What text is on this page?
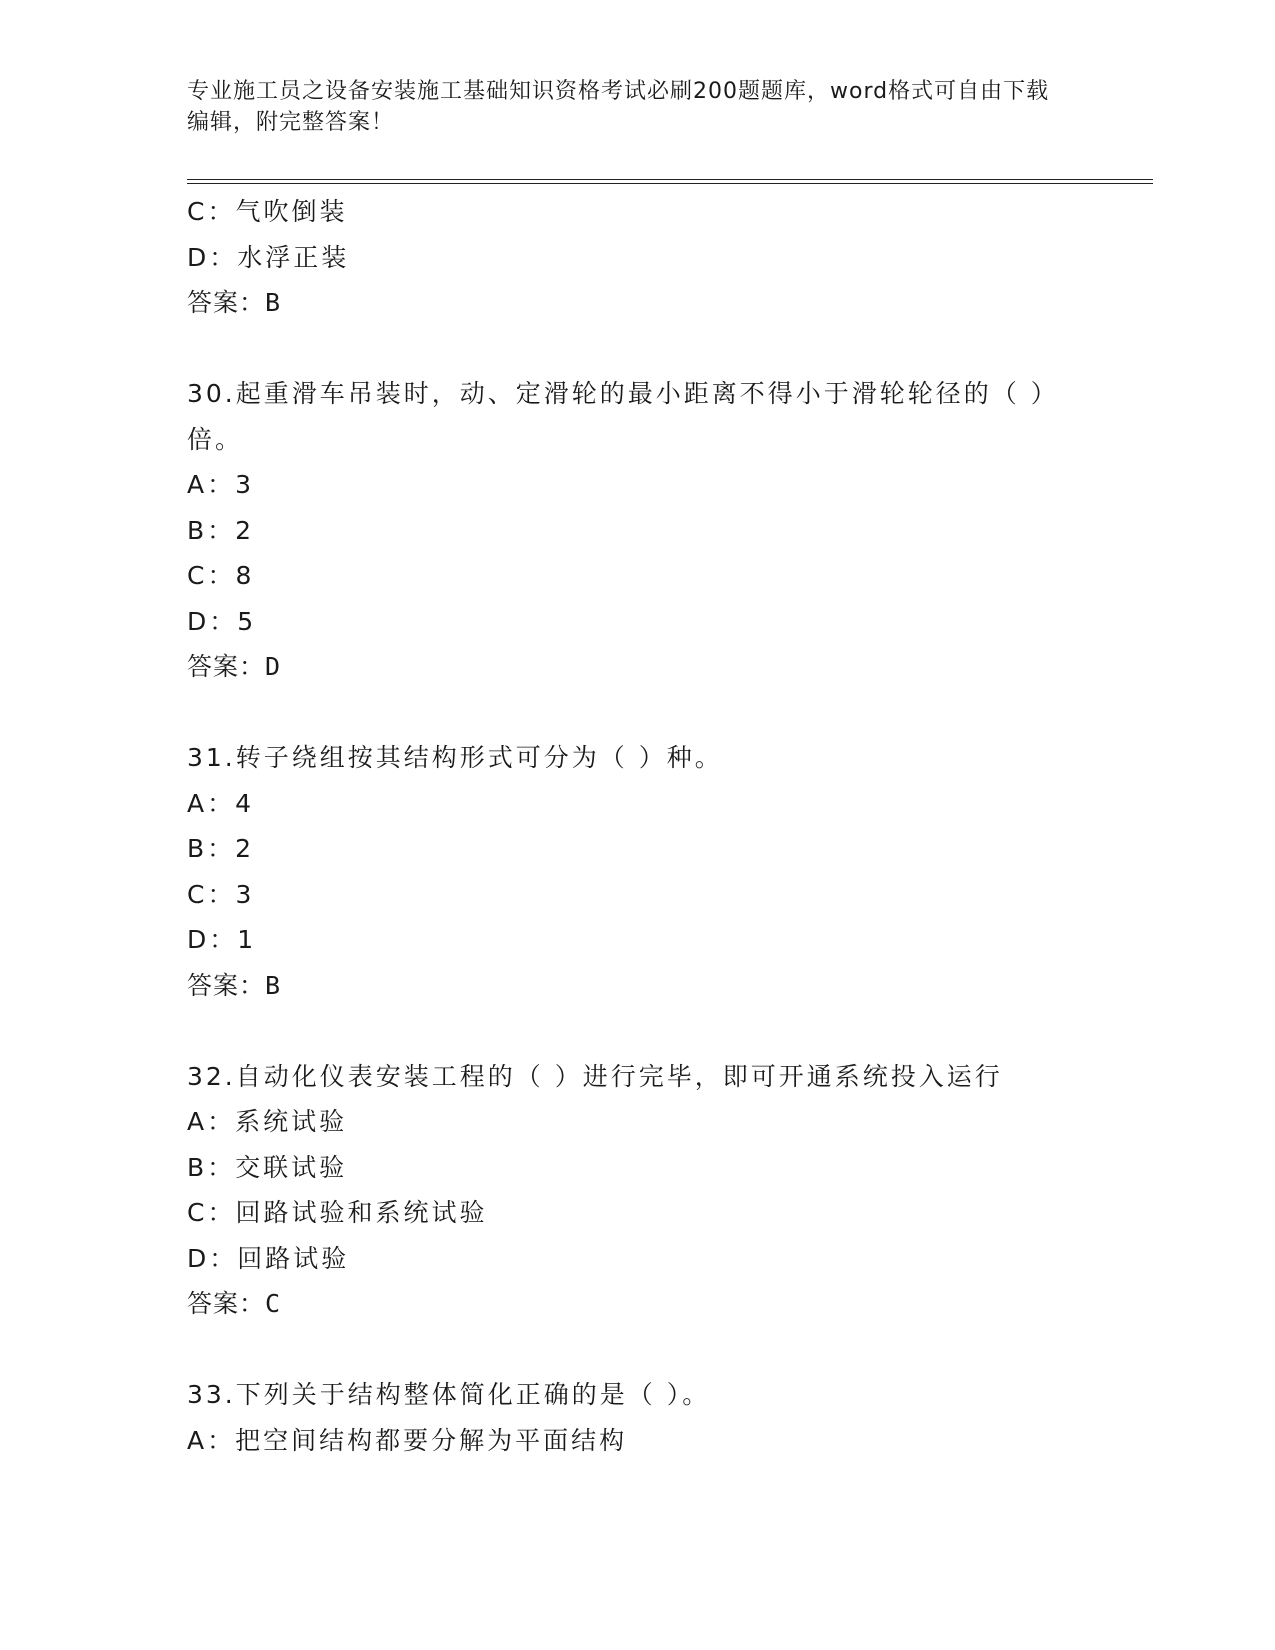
专业施工员之设备安装施工基础知识资格考试必刷200题题库，word格式可自由下载编辑，附完整答案！
C：气吹倒装
D：水浮正装
答案：B
30.起重滑车吊装时，动、定滑轮的最小距离不得小于滑轮轮径的（ ）倍。
A：3
B：2
C：8
D：5
答案：D
31.转子绕组按其结构形式可分为（ ）种。
A：4
B：2
C：3
D：1
答案：B
32.自动化仪表安装工程的（ ）进行完毕，即可开通系统投入运行
A：系统试验
B：交联试验
C：回路试验和系统试验
D：回路试验
答案：C
33.下列关于结构整体简化正确的是（ ）。
A：把空间结构都要分解为平面结构
